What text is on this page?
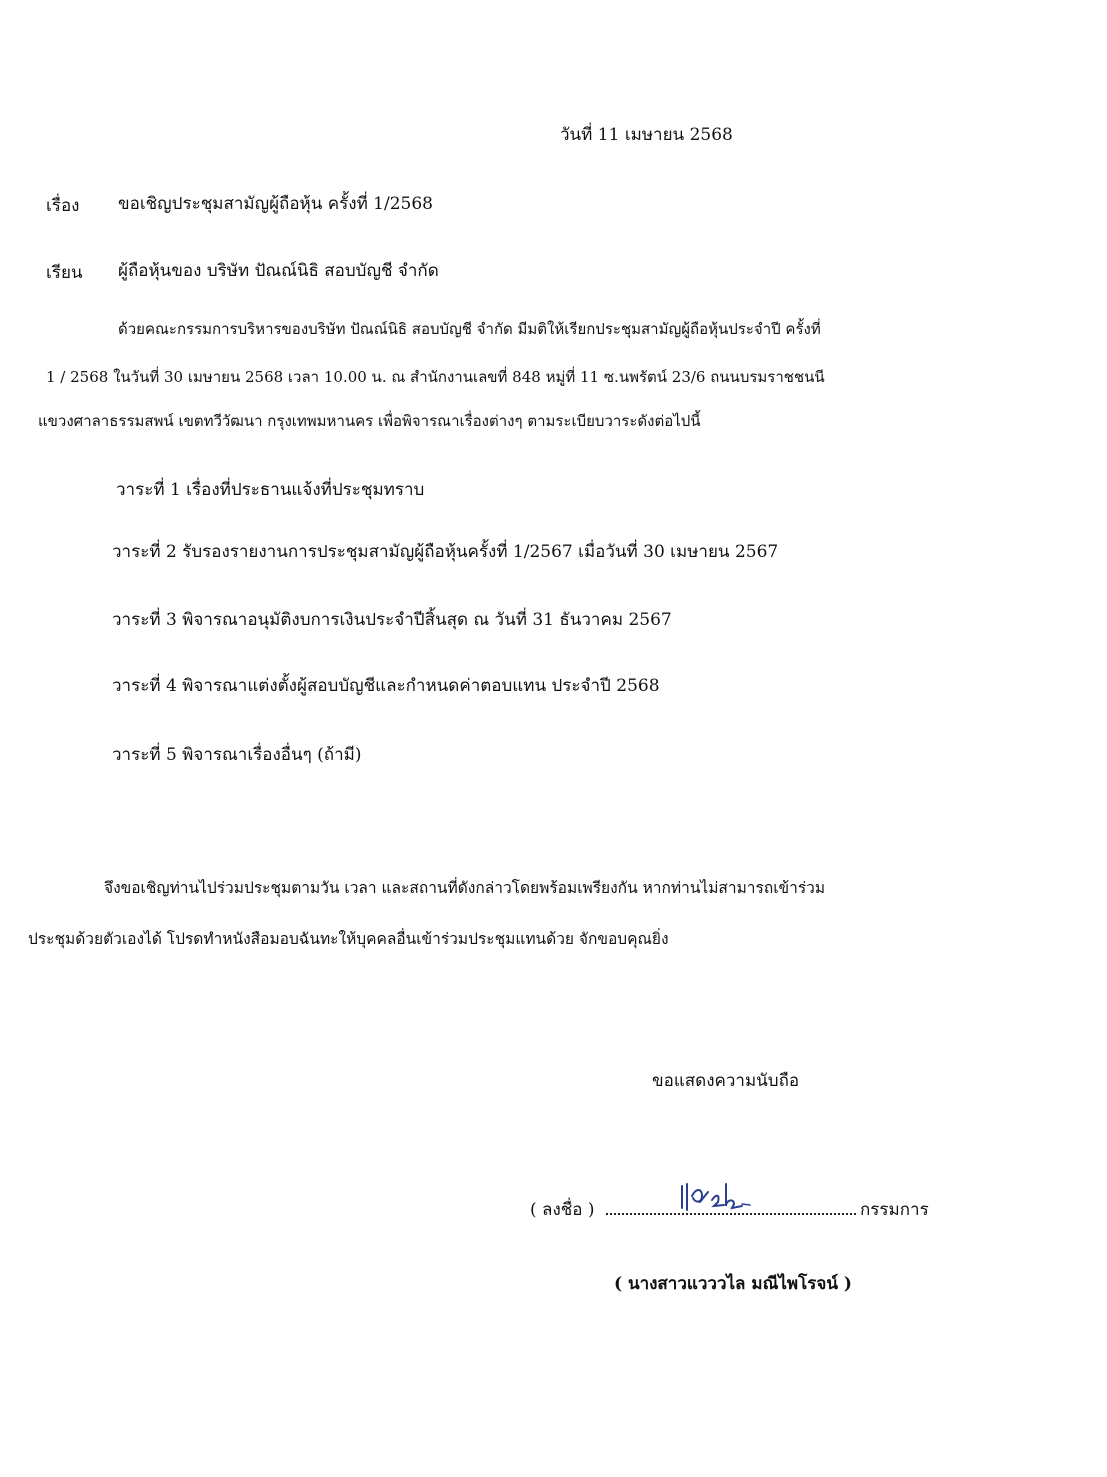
วันที่ 11 เมษายน 2568
เรื่อง ขอเชิญประชุมสามัญผู้ถือหุ้น ครั้งที่ 1/2568
เรียน ผู้ถือหุ้นของ บริษัท ปัณณ์นิธิ สอบบัญชี จำกัด
ด้วยคณะกรรมการบริหารของบริษัท ปัณณ์นิธิ สอบบัญชี จำกัด มีมติให้เรียกประชุมสามัญผู้ถือหุ้นประจำปี ครั้งที่
1 / 2568 ในวันที่ 30 เมษายน 2568 เวลา 10.00 น. ณ สำนักงานเลขที่ 848 หมู่ที่ 11 ซ.นพรัตน์ 23/6 ถนนบรมราชชนนี
แขวงศาลาธรรมสพน์ เขตทวีวัฒนา กรุงเทพมหานคร เพื่อพิจารณาเรื่องต่างๆ ตามระเบียบวาระดังต่อไปนี้
วาระที่ 1 เรื่องที่ประธานแจ้งที่ประชุมทราบ
วาระที่ 2 รับรองรายงานการประชุมสามัญผู้ถือหุ้นครั้งที่ 1/2567 เมื่อวันที่ 30 เมษายน 2567
วาระที่ 3 พิจารณาอนุมัติงบการเงินประจำปีสิ้นสุด ณ วันที่ 31 ธันวาคม 2567
วาระที่ 4 พิจารณาแต่งตั้งผู้สอบบัญชีและกำหนดค่าตอบแทน ประจำปี 2568
วาระที่ 5 พิจารณาเรื่องอื่นๆ (ถ้ามี)
จึงขอเชิญท่านไปร่วมประชุมตามวัน เวลา และสถานที่ดังกล่าวโดยพร้อมเพรียงกัน หากท่านไม่สามารถเข้าร่วม
ประชุมด้วยตัวเองได้ โปรดทำหนังสือมอบฉันทะให้บุคคลอื่นเข้าร่วมประชุมแทนด้วย จักขอบคุณยิ่ง
ขอแสดงความนับถือ
( ลงชื่อ )	กรรมการ
( นางสาวแวววไล มณีไพโรจน์ )
